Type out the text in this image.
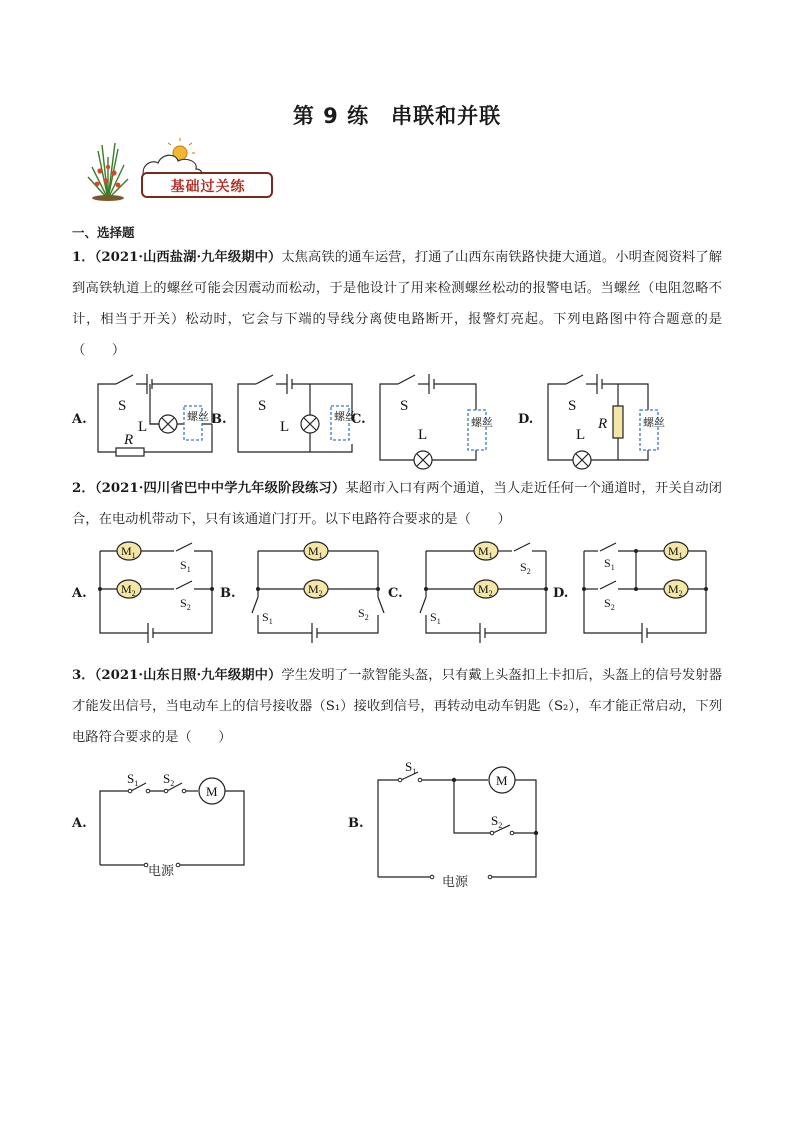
第 9 练　串联和并联
基础过关练
一、选择题
1．（2021·山西盐湖·九年级期中）太焦高铁的通车运营，打通了山西东南铁路快捷大通道。小明查阅资料了解到高铁轨道上的螺丝可能会因震动而松动，于是他设计了用来检测螺丝松动的报警电话。当螺丝（电阻忽略不计，相当于开关）松动时，它会与下端的导线分离使电路断开，报警灯亮起。下列电路图中符合题意的是（　　）
A.	B.	C.	D.
螺丝	螺丝	螺丝	螺丝
S
L
R
S
L
S
L
S
L
R
2．（2021·四川省巴中中学九年级阶段练习）某超市入口有两个通道，当人走近任何一个通道时，开关自动闭合，在电动机带动下，只有该通道门打开。以下电路符合要求的是（　　）
A.	B.	C.	D.
$M_1$
$M_2$
$M_1$
$M_2$
$M_1$
$M_2$
$M_1$
$M_2$
$S_1$
$S_2$
$S_1$
$S_2$	$S_1$
$S_2$
$S_1$
$S_2$
3．（2021·山东日照·九年级期中）学生发明了一款智能头盔，只有戴上头盔扣上卡扣后，头盔上的信号发射器才能发出信号，当电动车上的信号接收器（S₁）接收到信号，再转动电动车钥匙（S₂），车才能正常启动，下列电路符合要求的是（　　）
A.	B.
M
M
$S_1$ $S_2$
$S_1$
$S_2$
电源
电源
